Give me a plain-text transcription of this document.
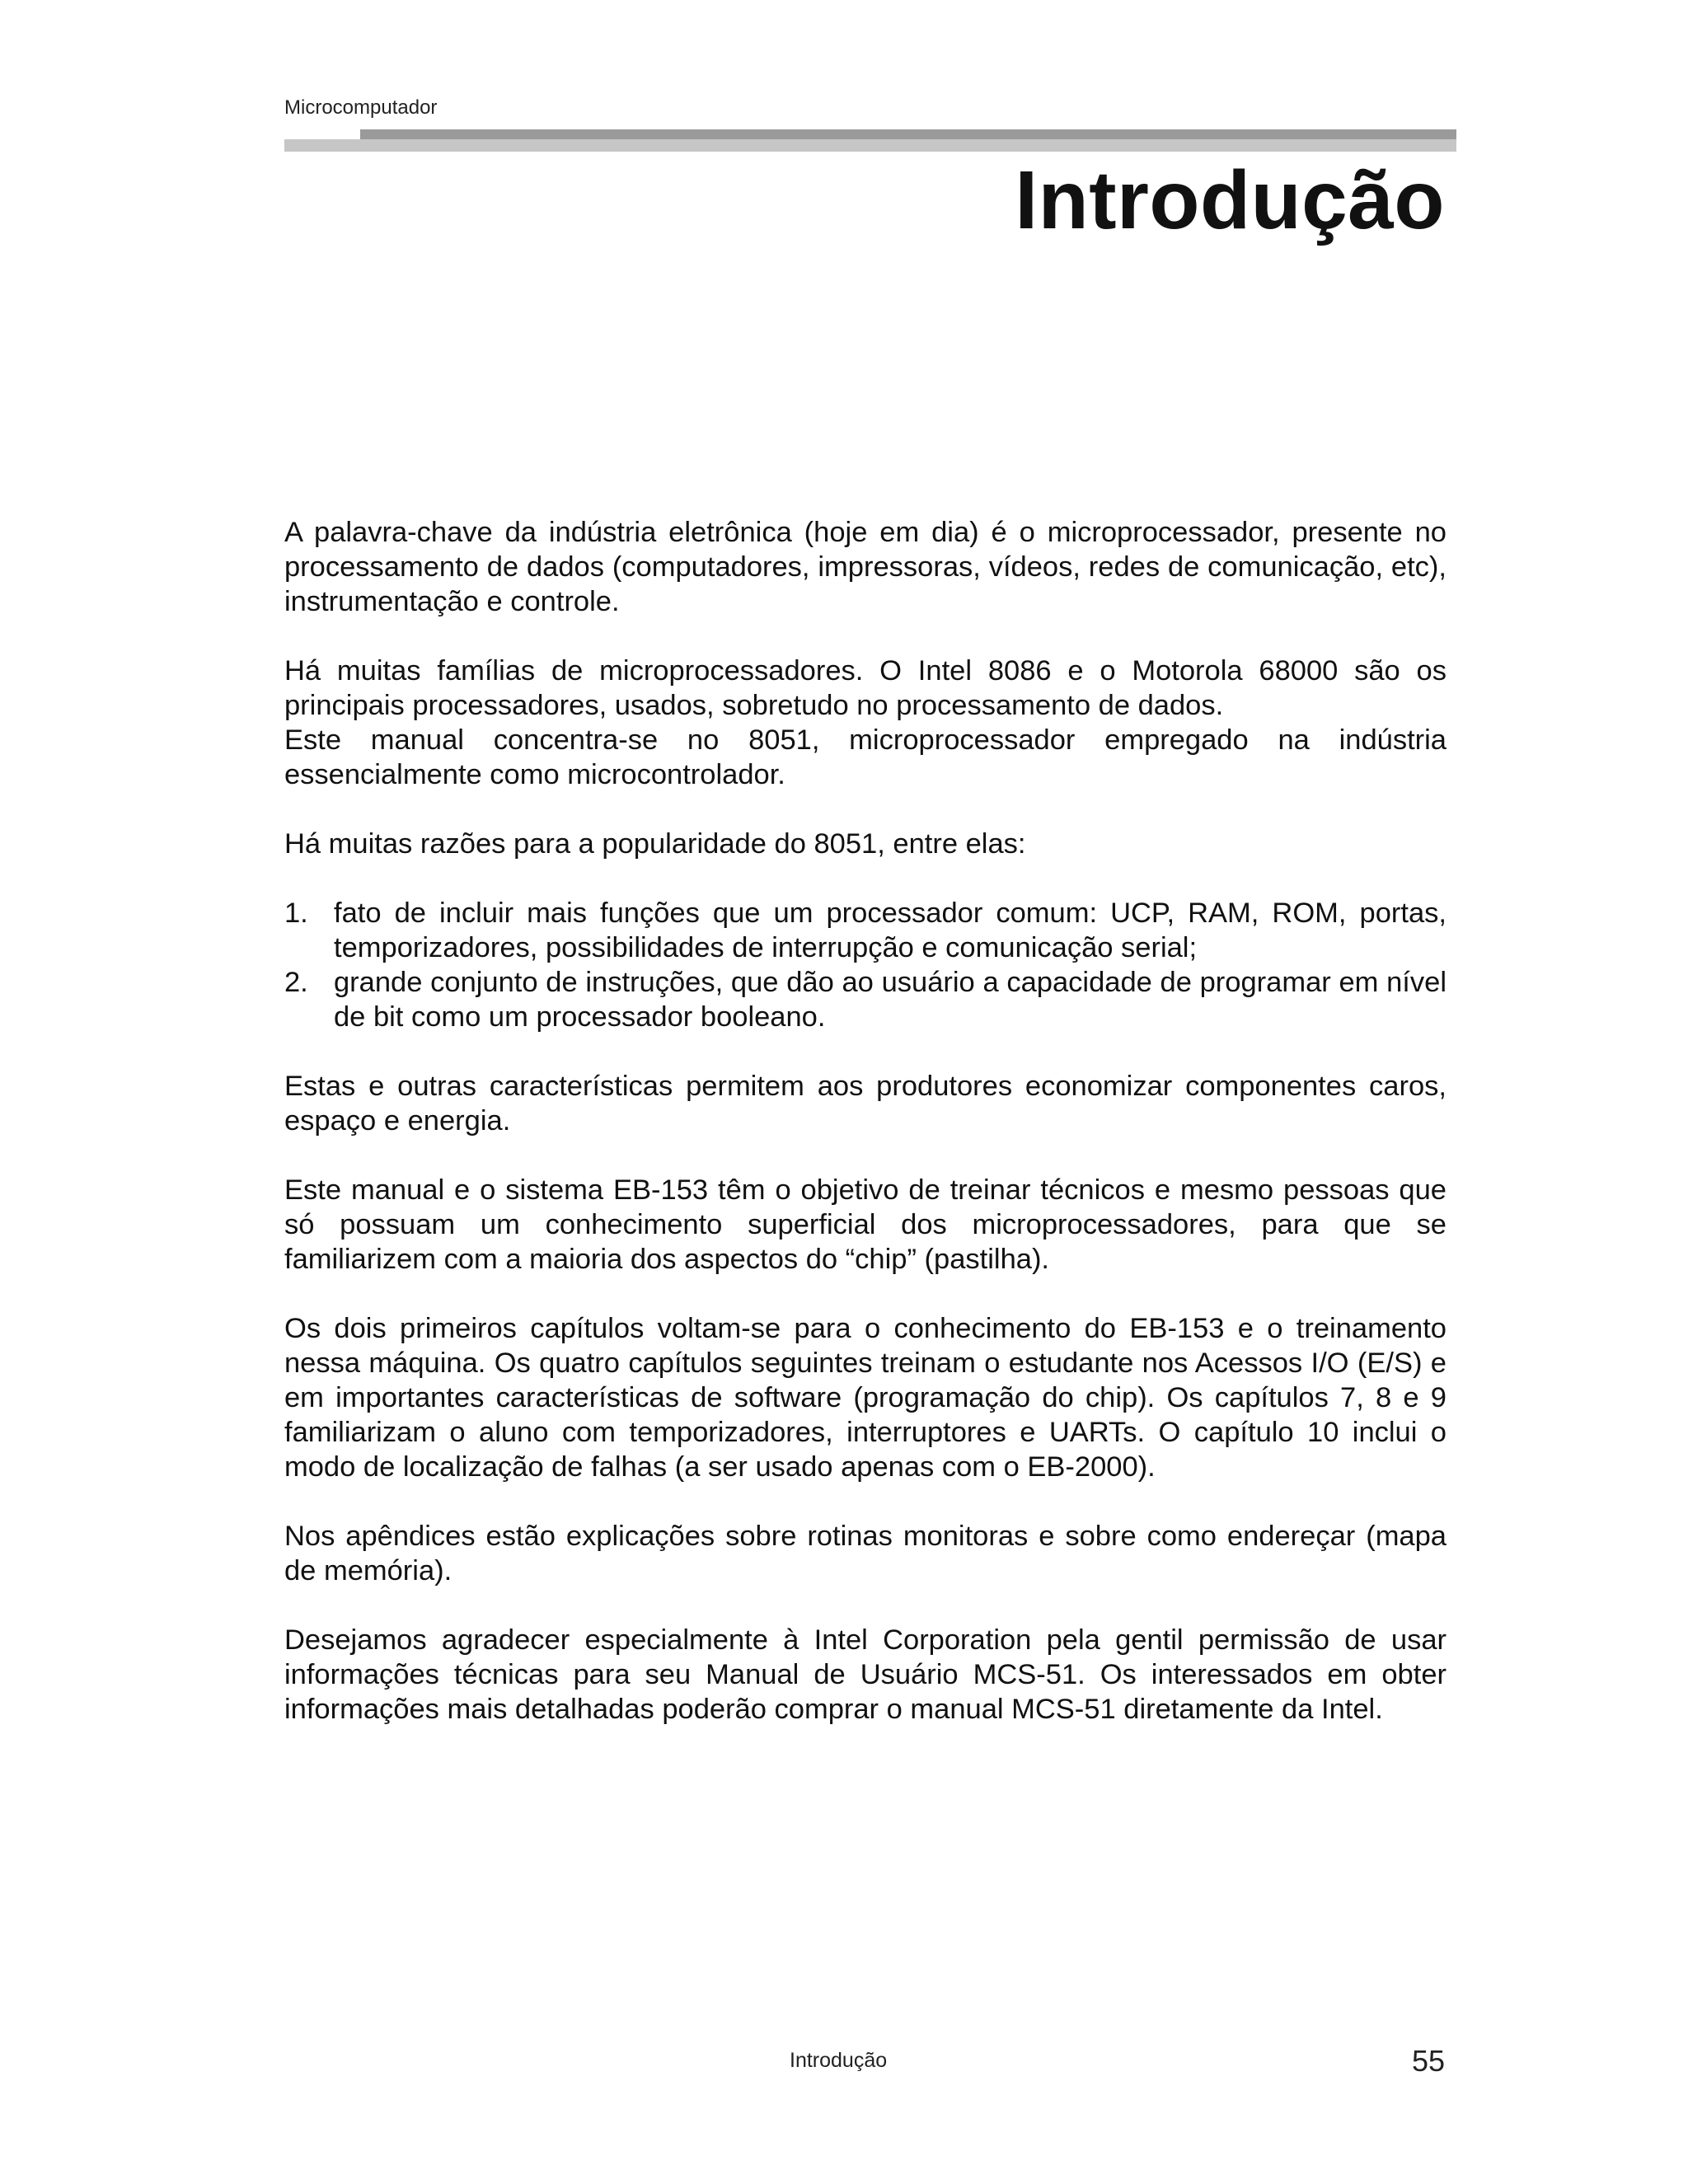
Microcomputador
Introdução

A palavra-chave da indústria eletrônica (hoje em dia) é o microprocessador, presente no processamento de dados (computadores, impressoras, vídeos, redes de comunicação, etc), instrumentação e controle.

Há muitas famílias de microprocessadores. O Intel 8086 e o Motorola 68000 são os principais processadores, usados, sobretudo no processamento de dados.

Este manual concentra-se no 8051, microprocessador empregado na indústria essencialmente como microcontrolador.

Há muitas razões para a popularidade do 8051, entre elas:

1. fato de incluir mais funções que um processador comum: UCP, RAM, ROM, portas, temporizadores, possibilidades de interrupção e comunicação serial;
2. grande conjunto de instruções, que dão ao usuário a capacidade de programar em nível de bit como um processador booleano.

Estas e outras características permitem aos produtores economizar componentes caros, espaço e energia.

Este manual e o sistema EB-153 têm o objetivo de treinar técnicos e mesmo pessoas que só possuam um conhecimento superficial dos microprocessadores, para que se familiarizem com a maioria dos aspectos do “chip” (pastilha).

Os dois primeiros capítulos voltam-se para o conhecimento do EB-153 e o treinamento nessa máquina. Os quatro capítulos seguintes treinam o estudante nos Acessos I/O (E/S) e em importantes características de software (programação do chip). Os capítulos 7, 8 e 9 familiarizam o aluno com temporizadores, interruptores e UARTs. O capítulo 10 inclui o modo de localização de falhas (a ser usado apenas com o EB-2000).

Nos apêndices estão explicações sobre rotinas monitoras e sobre como endereçar (mapa de memória).

Desejamos agradecer especialmente à Intel Corporation pela gentil permissão de usar informações técnicas para seu Manual de Usuário MCS-51. Os interessados em obter informações mais detalhadas poderão comprar o manual MCS-51 diretamente da Intel.

Introdução	55
